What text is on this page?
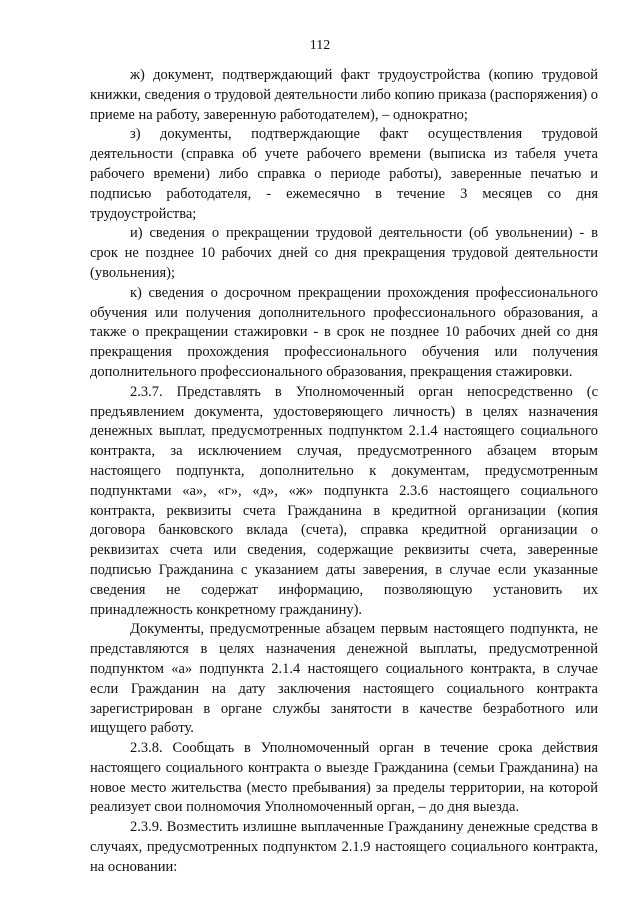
112

ж) документ, подтверждающий факт трудоустройства (копию трудовой книжки, сведения о трудовой деятельности либо копию приказа (распоряжения) о приеме на работу, заверенную работодателем), – однократно;

з) документы, подтверждающие факт осуществления трудовой деятельности (справка об учете рабочего времени (выписка из табеля учета рабочего времени) либо справка о периоде работы), заверенные печатью и подписью работодателя, - ежемесячно в течение 3 месяцев со дня трудоустройства;

и) сведения о прекращении трудовой деятельности (об увольнении) - в срок не позднее 10 рабочих дней со дня прекращения трудовой деятельности (увольнения);

к) сведения о досрочном прекращении прохождения профессионального обучения или получения дополнительного профессионального образования, а также о прекращении стажировки - в срок не позднее 10 рабочих дней со дня прекращения прохождения профессионального обучения или получения дополнительного профессионального образования, прекращения стажировки.

2.3.7. Представлять в Уполномоченный орган непосредственно (с предъявлением документа, удостоверяющего личность) в целях назначения денежных выплат, предусмотренных подпунктом 2.1.4 настоящего социального контракта, за исключением случая, предусмотренного абзацем вторым настоящего подпункта, дополнительно к документам, предусмотренным подпунктами «а», «г», «д», «ж» подпункта 2.3.6 настоящего социального контракта, реквизиты счета Гражданина в кредитной организации (копия договора банковского вклада (счета), справка кредитной организации о реквизитах счета или сведения, содержащие реквизиты счета, заверенные подписью Гражданина с указанием даты заверения, в случае если указанные сведения не содержат информацию, позволяющую установить их принадлежность конкретному гражданину).

Документы, предусмотренные абзацем первым настоящего подпункта, не представляются в целях назначения денежной выплаты, предусмотренной подпунктом «а» подпункта 2.1.4 настоящего социального контракта, в случае если Гражданин на дату заключения настоящего социального контракта зарегистрирован в органе службы занятости в качестве безработного или ищущего работу.

2.3.8. Сообщать в Уполномоченный орган в течение срока действия настоящего социального контракта о выезде Гражданина (семьи Гражданина) на новое место жительства (место пребывания) за пределы территории, на которой реализует свои полномочия Уполномоченный орган, – до дня выезда.

2.3.9. Возместить излишне выплаченные Гражданину денежные средства в случаях, предусмотренных подпунктом 2.1.9 настоящего социального контракта, на основании:
